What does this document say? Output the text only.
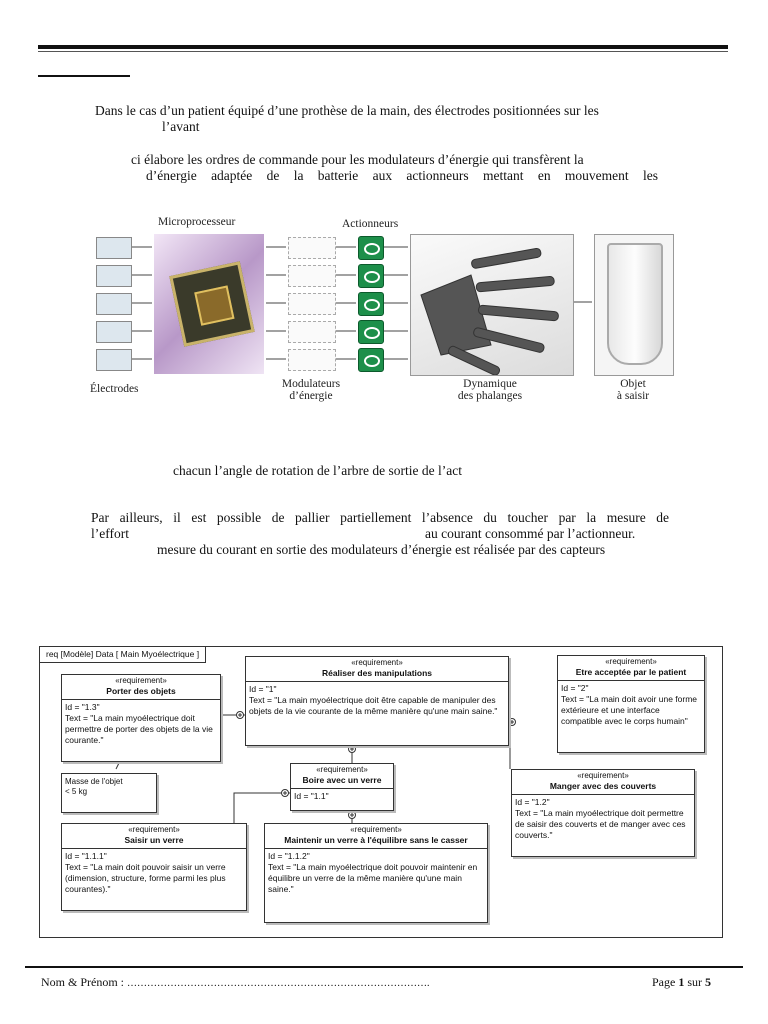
Dans le cas d’un patient équipé d’une prothèse de la main, des électrodes positionnées sur les
l’avant
ci élabore les ordres de commande pour les modulateurs d’énergie qui transfèrent la
d’énergie adaptée de la batterie aux actionneurs mettant en mouvement les
Microprocesseur	Actionneurs
Électrodes	Modulateurs
d’énergie
Dynamique
des phalanges
Objet
à saisir
chacun l’angle de rotation de l’arbre de sortie de l’act
Par ailleurs, il est possible de pallier partiellement l’absence du toucher par la mesure de
l’effort	au courant consommé par l’actionneur.
mesure du courant en sortie des modulateurs d’énergie est réalisée par des capteurs
req [Modèle] Data [ Main Myoélectrique ]
«requirement»
Porter des objets
Id = "1.3"
Text = "La main myoélectrique doit permettre de porter des objets de la vie courante."
«requirement»
Réaliser des manipulations
Id = "1"
Text = "La main myoélectrique doit être capable de manipuler des objets de la vie courante de la même manière qu'une main saine."
«requirement»
Etre acceptée par le patient
Id = "2"
Text = "La main doit avoir une forme extérieure et une interface compatible avec le corps humain"
Masse de l'objet
< 5 kg
«requirement»
Boire avec un verre
Id = "1.1"
«requirement»
Manger avec des couverts
Id = "1.2"
Text = "La main myoélectrique doit permettre de saisir des couverts et de manger avec ces couverts."
«requirement»
Saisir un verre
Id = "1.1.1"
Text = "La main doit pouvoir saisir un verre (dimension, structure, forme parmi les plus courantes)."
«requirement»
Maintenir un verre à l'équilibre sans le casser
Id = "1.1.2"
Text = "La main myoélectrique doit pouvoir maintenir en équilibre un verre de la même manière qu'une main saine."
Nom & Prénom : ……………………………………………………………………………….	Page 1 sur 5
